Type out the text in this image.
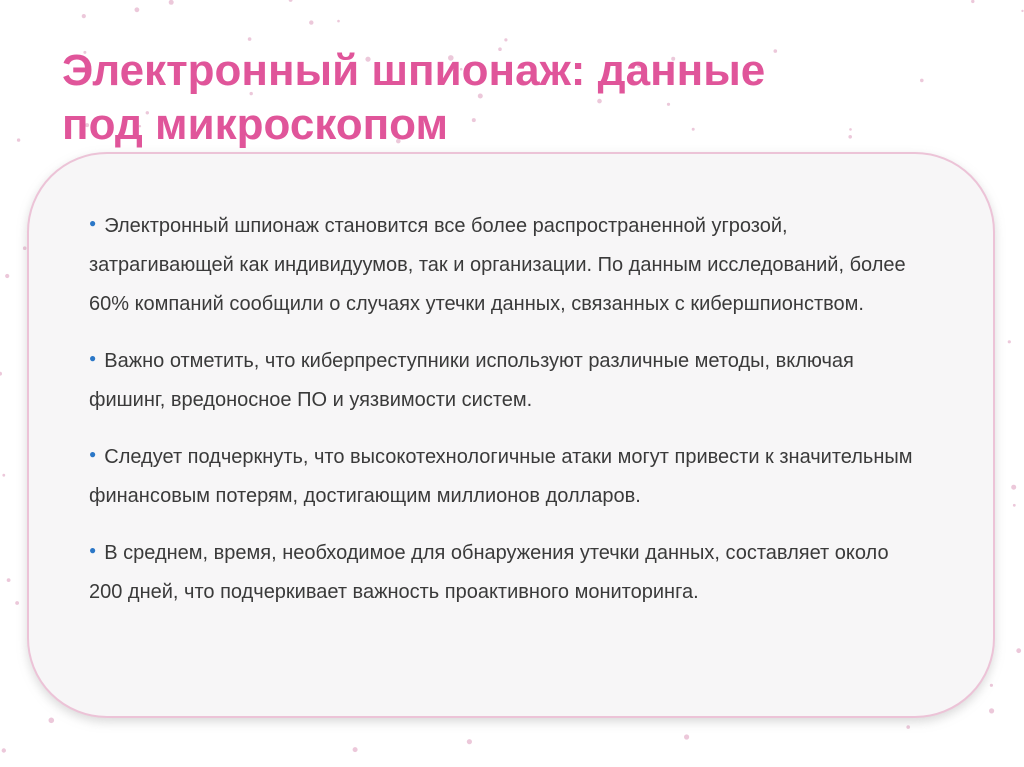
Электронный шпионаж: данные
под микроскопом
● Электронный шпионаж становится все более распространенной угрозой, затрагивающей как индивидуумов, так и организации. По данным исследований, более 60% компаний сообщили о случаях утечки данных, связанных с кибершпионством.
● Важно отметить, что киберпреступники используют различные методы, включая фишинг, вредоносное ПО и уязвимости систем.
● Следует подчеркнуть, что высокотехнологичные атаки могут привести к значительным финансовым потерям, достигающим миллионов долларов.
● В среднем, время, необходимое для обнаружения утечки данных, составляет около 200 дней, что подчеркивает важность проактивного мониторинга.
